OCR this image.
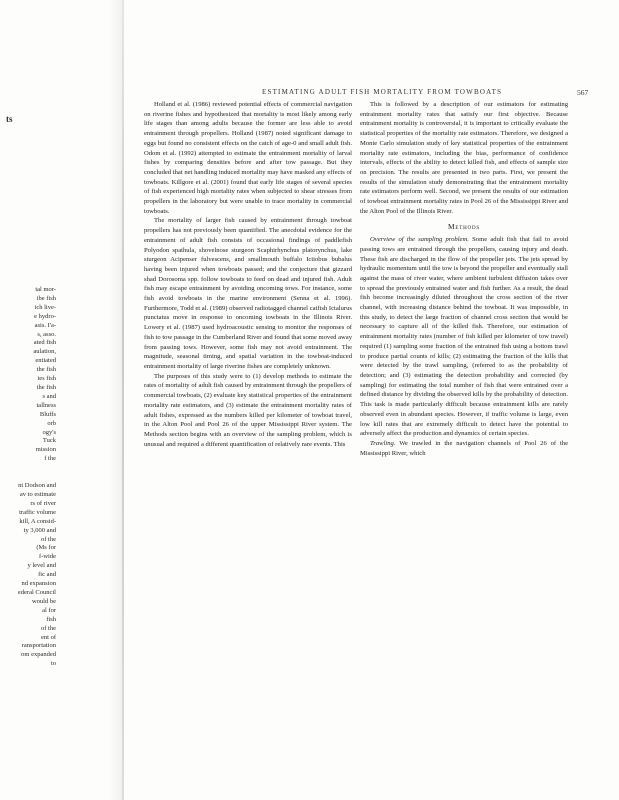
ESTIMATING ADULT FISH MORTALITY FROM TOWBOATS	567
ts
tal mor-
ibe fish
ich live-
e hydro-
asis. I'a-
s, asso.
ated fish
aulation,
entiated
the fish
ies fish
the fish
s and
tallness
Bluffs
orb
ogy's
Tuck
mission
f the
nt Dodson and
av to estimate
rs of river
traffic volume
kill, A consid-
ty 3,000 and
of the
(Ms for
f-wide
y level and
fic and
nd expansion
ederal Council
would be
al for
fish
of the
ent of
ransportation
om expanded
to

Holland et al. (1986) reviewed potential effects of commercial navigation on riverine fishes and hypothesized that mortality is most likely among early life stages than among adults because the former are less able to avoid entrainment through propellers. Holland (1987) noted significant damage to eggs but found no consistent effects on the catch of age-0 and small adult fish. Odom et al. (1992) attempted to estimate the entrainment mortality of larval fishes by comparing densities before and after tow passage. But they concluded that net handling induced mortality may have masked any effects of towboats. Killgore et al. (2001) found that early life stages of several species of fish experienced high mortality rates when subjected to shear stresses from propellers in the laboratory but were unable to trace mortality in commercial towboats.

The mortality of larger fish caused by entrainment through towboat propellers has not previously been quantified. The anecdotal evidence for the entrainment of adult fish consists of occasional findings of paddlefish Polyodon spathula, shovelnose sturgeon Scaphirhynchus platorynchus, lake sturgeon Acipenser fulvescens, and smallmouth buffalo Ictiobus bubalus having been injured when towboats passed; and the conjecture that gizzard shad Dorosoma spp. follow towboats to feed on dead and injured fish. Adult fish may escape entrainment by avoiding oncoming tows. For instance, some fish avoid towboats in the marine environment (Senna et al. 1996). Furthermore, Todd et al. (1989) observed radiotagged channel catfish Ictalurus punctatus move in response to oncoming towboats in the Illinois River. Lowery et al. (1987) used hydroacoustic sensing to monitor the responses of fish to tow passage in the Cumberland River and found that some moved away from passing tows. However, some fish may not avoid entrainment. The magnitude, seasonal timing, and spatial variation in the towboat-induced entrainment mortality of large riverine fishes are completely unknown.

The purposes of this study were to (1) develop methods to estimate the rates of mortality of adult fish caused by entrainment through the propellers of commercial towboats, (2) evaluate key statistical properties of the entrainment mortality rate estimators, and (3) estimate the entrainment mortality rates of adult fishes, expressed as the numbers killed per kilometer of towboat travel, in the Alton Pool and Pool 26 of the upper Mississippi River system. The Methods section begins with an overview of the sampling problem, which is unusual and required a different quantification of relatively rare events. This

This is followed by a description of our estimators for estimating entrainment mortality rates that satisfy our first objective. Because entrainment mortality is controversial, it is important to critically evaluate the statistical properties of the mortality rate estimators. Therefore, we designed a Monte Carlo simulation study of key statistical properties of the entrainment mortality rate estimators, including the bias, performance of confidence intervals, effects of the ability to detect killed fish, and effects of sample size on precision. The results are presented in two parts. First, we present the results of the simulation study demonstrating that the entrainment mortality rate estimators perform well. Second, we present the results of our estimation of towboat entrainment mortality rates in Pool 26 of the Mississippi River and the Alton Pool of the Illinois River.

Methods

Overview of the sampling problem. Some adult fish that fail to avoid passing tows are entrained through the propellers, causing injury and death. These fish are discharged in the flow of the propeller jets. The jets spread by hydraulic momentum until the tow is beyond the propeller and eventually stall against the mass of river water, where ambient turbulent diffusion takes over to spread the previously entrained water and fish further. As a result, the dead fish become increasingly diluted throughout the cross section of the river channel, with increasing distance behind the towboat. It was impossible, in this study, to detect the large fraction of channel cross section that would be necessary to capture all of the killed fish. Therefore, our estimation of entrainment mortality rates (number of fish killed per kilometer of tow travel) required (1) sampling some fraction of the entrained fish using a bottom trawl to produce partial counts of kills; (2) estimating the fraction of the kills that were detected by the trawl sampling, (referred to as the probability of detection; and (3) estimating the detection probability and corrected (by sampling) for estimating the total number of fish that were entrained over a defined distance by dividing the observed kills by the probability of detection. This task is made particularly difficult because entrainment kills are rarely observed even in abundant species. However, if traffic volume is large, even low kill rates that are extremely difficult to detect have the potential to adversely affect the production and dynamics of certain species.

Trawling. We trawled in the navigation channels of Pool 26 of the Mississippi River, which
